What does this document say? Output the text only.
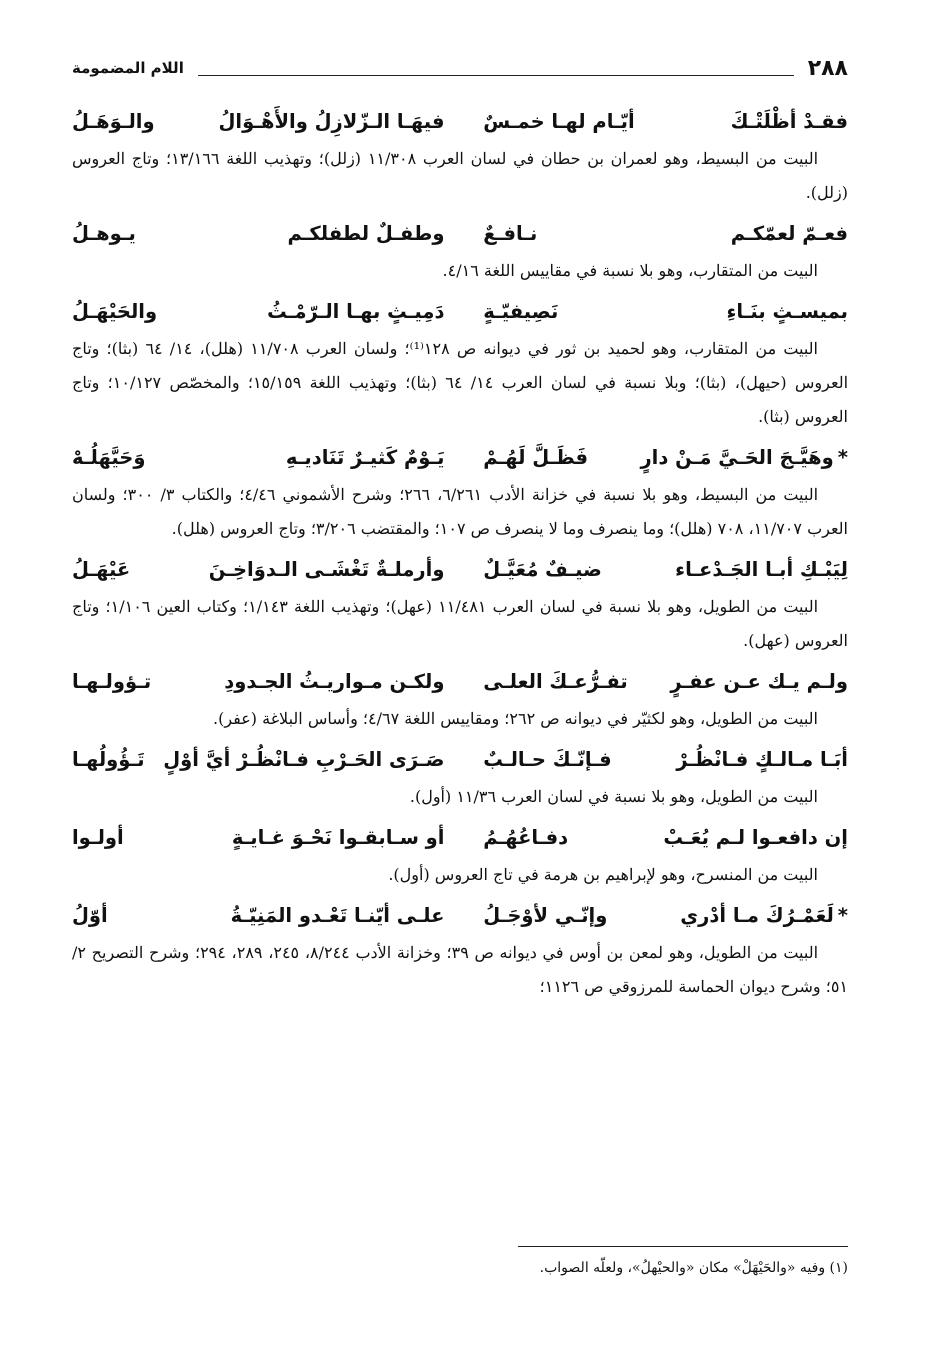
٢٨٨
اللام المضمومة
فقـدْ أظْلَتْـكَ
أيّـام لهـا خمـسٌ
فيهَـا الـزّلازِلُ والأَهْـوَالُ
والـوَهَـلُ

البيت من البسيط، وهو لعمران بن حطان في لسان العرب ١١/٣٠٨ (زلل)؛ وتهذيب اللغة ١٣/١٦٦؛ وتاج العروس (زلل).

فعـمّ لعمّكـم
نـافـعٌ
وطفـلٌ لطفلكـم
يـوهـلُ

البيت من المتقارب، وهو بلا نسبة في مقاييس اللغة ٤/١٦.

بميسـثٍ بنَـاءِ
نَصِيفيّـةٍ
دَمِيـثٍ بهـا الـرّمْـثُ
والحَيْهَـلُ

البيت من المتقارب، وهو لحميد بن ثور في ديوانه ص ١٢٨⁽¹⁾؛ ولسان العرب ١١/٧٠٨ (هلل)، ١٤/ ٦٤ (بثا)؛ وتاج العروس (حيهل)، (بثا)؛ وبلا نسبة في لسان العرب ١٤/ ٦٤ (بثا)؛ وتهذيب اللغة ١٥/١٥٩؛ والمخصّص ١٠/١٢٧؛ وتاج العروس (بثا).

*وهَيَّـجَ الحَـيَّ مَـنْ دارٍ
فَظَـلَّ لَهُـمْ
يَـوْمٌ كَثيـرٌ تَنَاديـهِ
وَحَيَّهَلُـهْ

البيت من البسيط، وهو بلا نسبة في خزانة الأدب ٦/٢٦١، ٢٦٦؛ وشرح الأشموني ٤/٤٦؛ والكتاب ٣/ ٣٠٠؛ ولسان العرب ١١/٧٠٧، ٧٠٨ (هلل)؛ وما ينصرف وما لا ينصرف ص ١٠٧؛ والمقتضب ٣/٢٠٦؛ وتاج العروس (هلل).

لِيَبْـكِ أبـا الجَـدْعـاء
ضيـفٌ مُعَيَّـلٌ
وأرملـةٌ تَغْشَـى الـدوَاخِـنَ
عَيْهَـلُ

البيت من الطويل، وهو بلا نسبة في لسان العرب ١١/٤٨١ (عهل)؛ وتهذيب اللغة ١/١٤٣؛ وكتاب العين ١/١٠٦؛ وتاج العروس (عهل).

ولـم يـك عـن عفـرٍ
تفـرُّعـكَ العلـى
ولكـن مـواريـثُ الجـدودِ
تـؤولـهـا

البيت من الطويل، وهو لكثيّر في ديوانه ص ٢٦٢؛ ومقاييس اللغة ٤/٦٧؛ وأساس البلاغة (عفر).

أبَـا مـالـكٍ فـانْظُـرْ
فـإنّـكَ حـالـبٌ
صَـرَى الحَـرْبِ فـانْظُـرْ أيَّ أوْلٍ
تَـؤُولُهـا

البيت من الطويل، وهو بلا نسبة في لسان العرب ١١/٣٦ (أول).

إن دافعـوا لـم يُعَـبْ
دفـاعُهُـمُ
أو سـابقـوا نَحْـوَ غـايـةٍ
أولـوا

البيت من المنسرح، وهو لإبراهيم بن هرمة في تاج العروس (أول).

*لَعَمْـرُكَ مـا أدْري
وإنّـي لأوْجَـلُ
علـى أيّنـا تَعْـدو المَنِيّـةُ
أوّلُ

البيت من الطويل، وهو لمعن بن أوس في ديوانه ص ٣٩؛ وخزانة الأدب ٨/٢٤٤، ٢٤٥، ٢٨٩، ٢٩٤؛ وشرح التصريح ٢/ ٥١؛ وشرح ديوان الحماسة للمرزوقي ص ١١٢٦؛

(١) وفيه «والحَيْهَلْ» مكان «والحيْهلُ»، ولعلّه الصواب.
